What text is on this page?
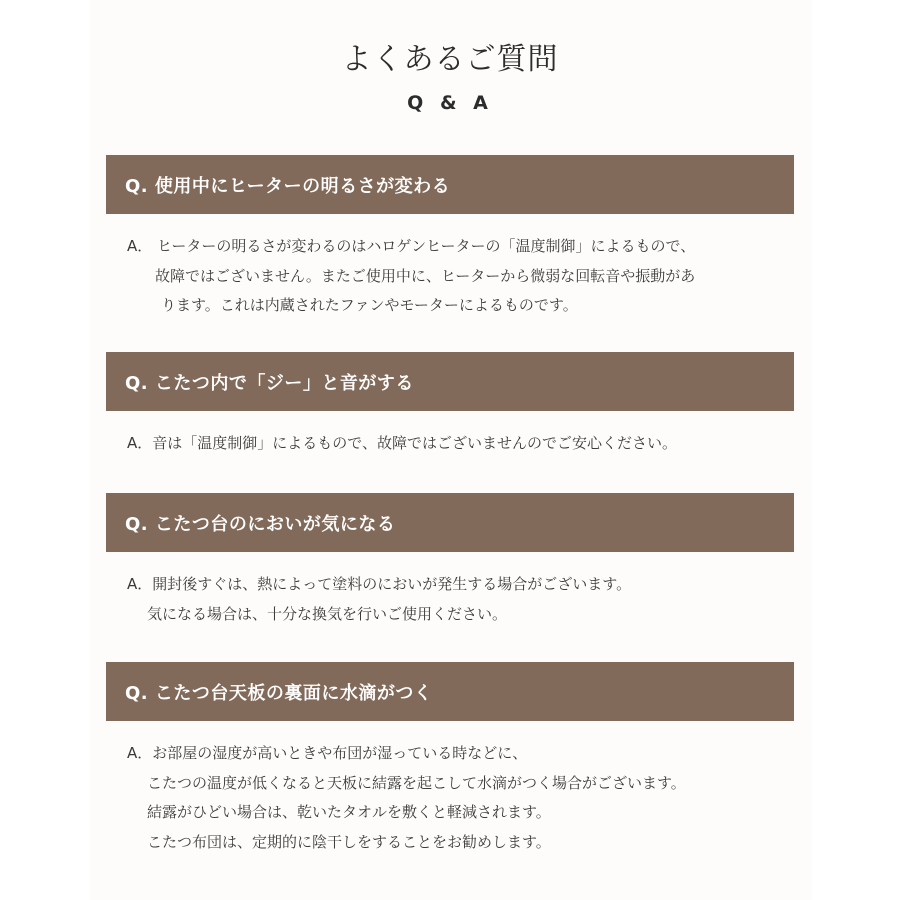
よくあるご質問
Q & A
Q. 使用中にヒーターの明るさが変わる
A． ヒーターの明るさが変わるのはハロゲンヒーターの「温度制御」によるもので、
故障ではございません。またご使用中に、ヒーターから微弱な回転音や振動があ
ります。これは内蔵されたファンやモーターによるものです。
Q. こたつ内で「ジー」と音がする
A．音は「温度制御」によるもので、故障ではございませんのでご安心ください。
Q. こたつ台のにおいが気になる
A．開封後すぐは、熱によって塗料のにおいが発生する場合がございます。
気になる場合は、十分な換気を行いご使用ください。
Q. こたつ台天板の裏面に水滴がつく
A．お部屋の湿度が高いときや布団が湿っている時などに、
こたつの温度が低くなると天板に結露を起こして水滴がつく場合がございます。
結露がひどい場合は、乾いたタオルを敷くと軽減されます。
こたつ布団は、定期的に陰干しをすることをお勧めします。
